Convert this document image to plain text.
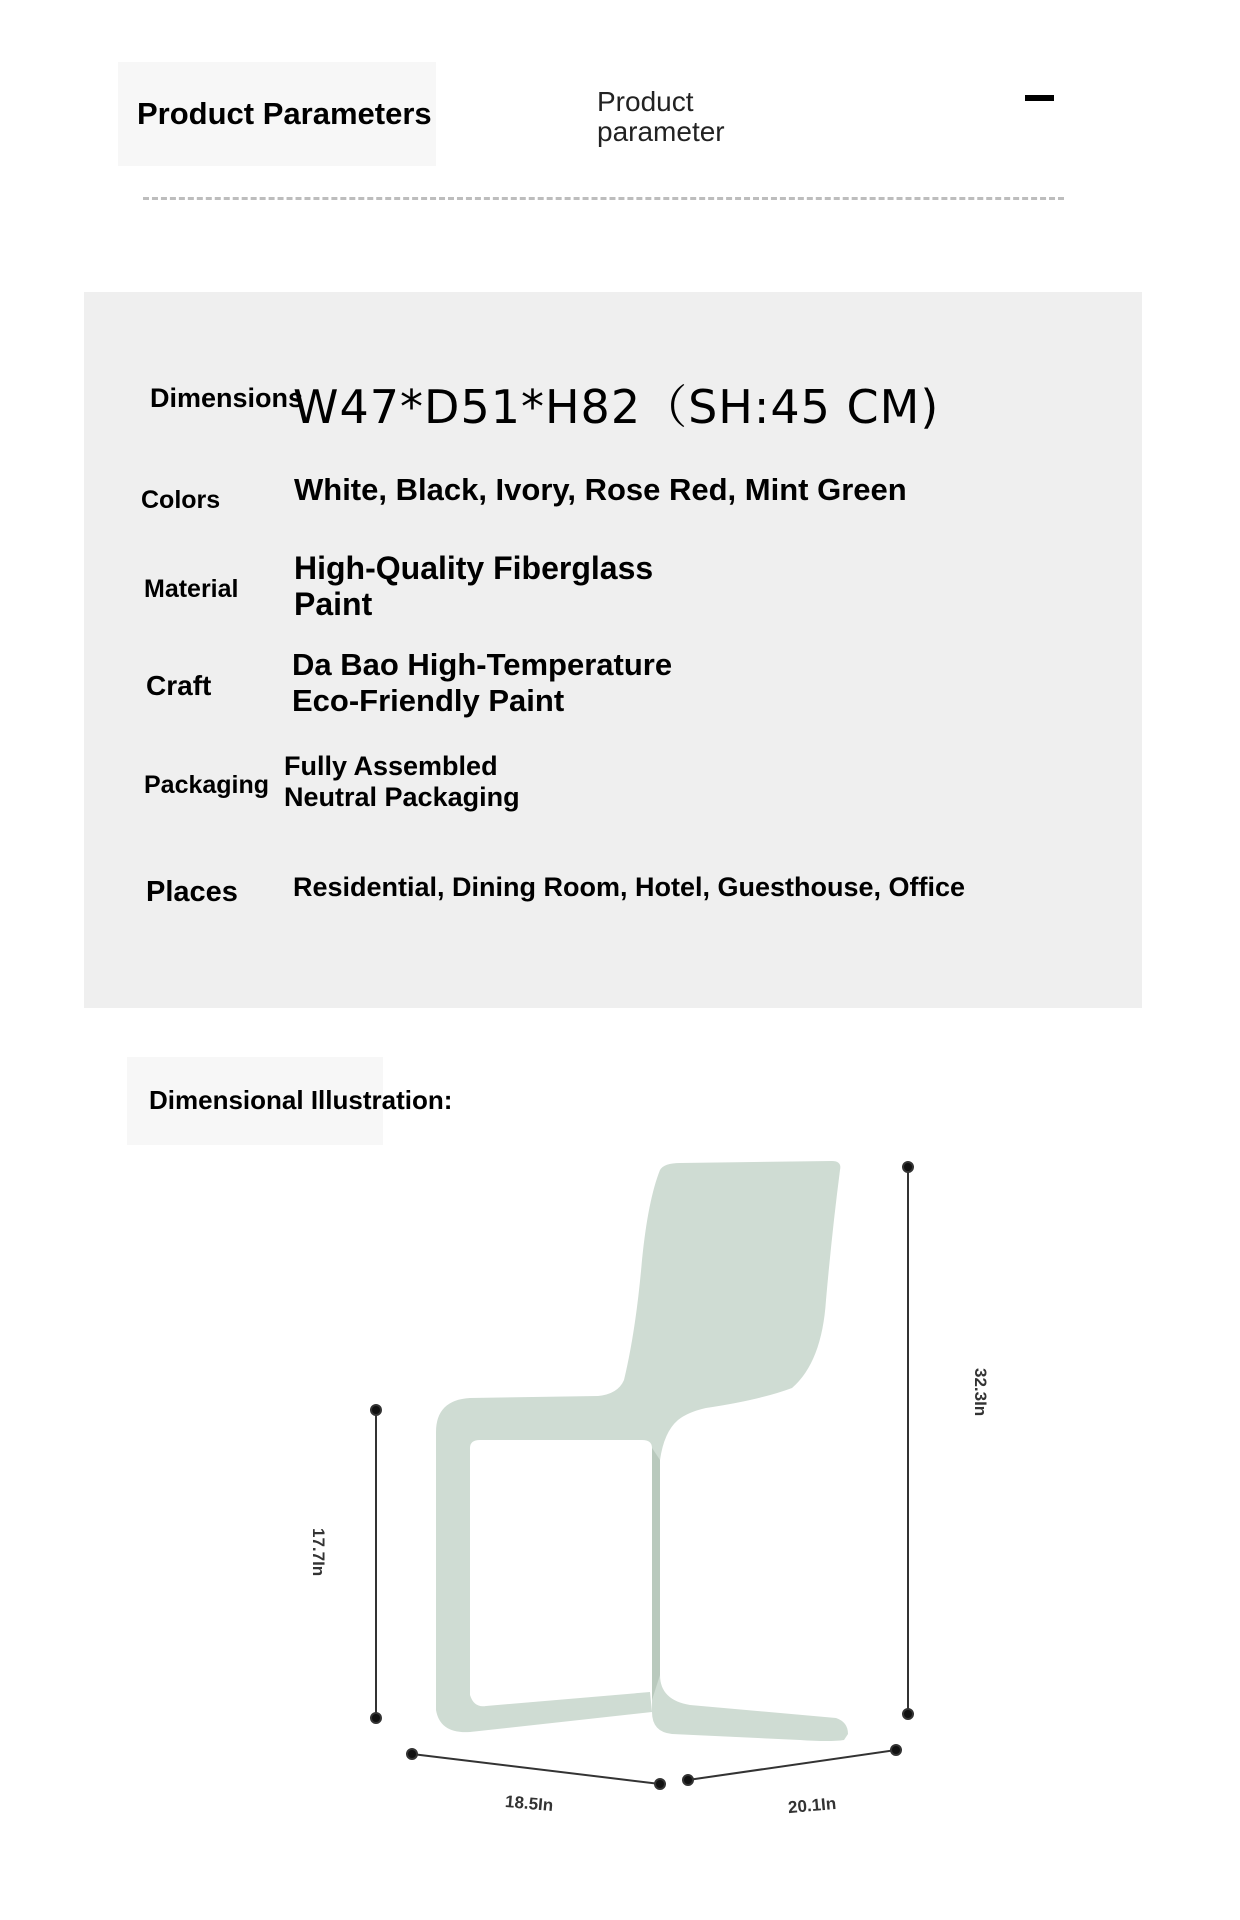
Product Parameters	Product
parameter
Dimensions
W47*D51*H82（SH:45 CM)
Colors White, Black, Ivory, Rose Red, Mint Green
Material
High-Quality Fiberglass
Paint
Craft
Da Bao High-Temperature
Eco-Friendly Paint
Packaging
Fully Assembled
Neutral Packaging
Places Residential, Dining Room, Hotel, Guesthouse, Office
Dimensional Illustration:
17.7In
32.3In
18.5In	20.1In
